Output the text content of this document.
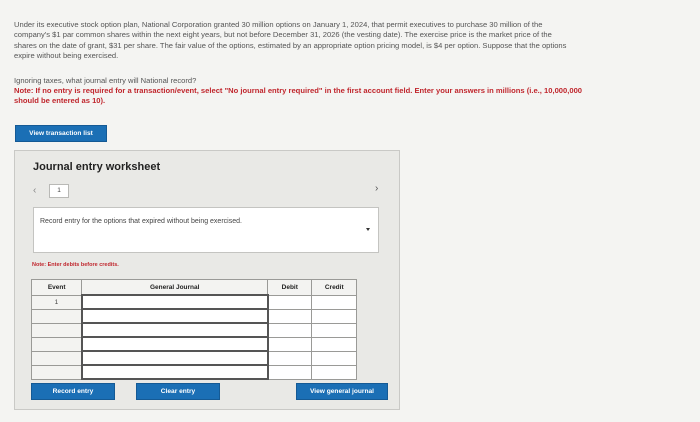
Under its executive stock option plan, National Corporation granted 30 million options on January 1, 2024, that permit executives to purchase 30 million of the company's $1 par common shares within the next eight years, but not before December 31, 2026 (the vesting date). The exercise price is the market price of the shares on the date of grant, $31 per share. The fair value of the options, estimated by an appropriate option pricing model, is $4 per option. Suppose that the options expire without being exercised.
Ignoring taxes, what journal entry will National record?
Note: If no entry is required for a transaction/event, select "No journal entry required" in the first account field. Enter your answers in millions (i.e., 10,000,000 should be entered as 10).
View transaction list
Journal entry worksheet
‹	1	›
Record entry for the options that expired without being exercised.
Note: Enter debits before credits.
Event	General Journal	Debit	Credit
1			

Record entry	Clear entry	View general journal
